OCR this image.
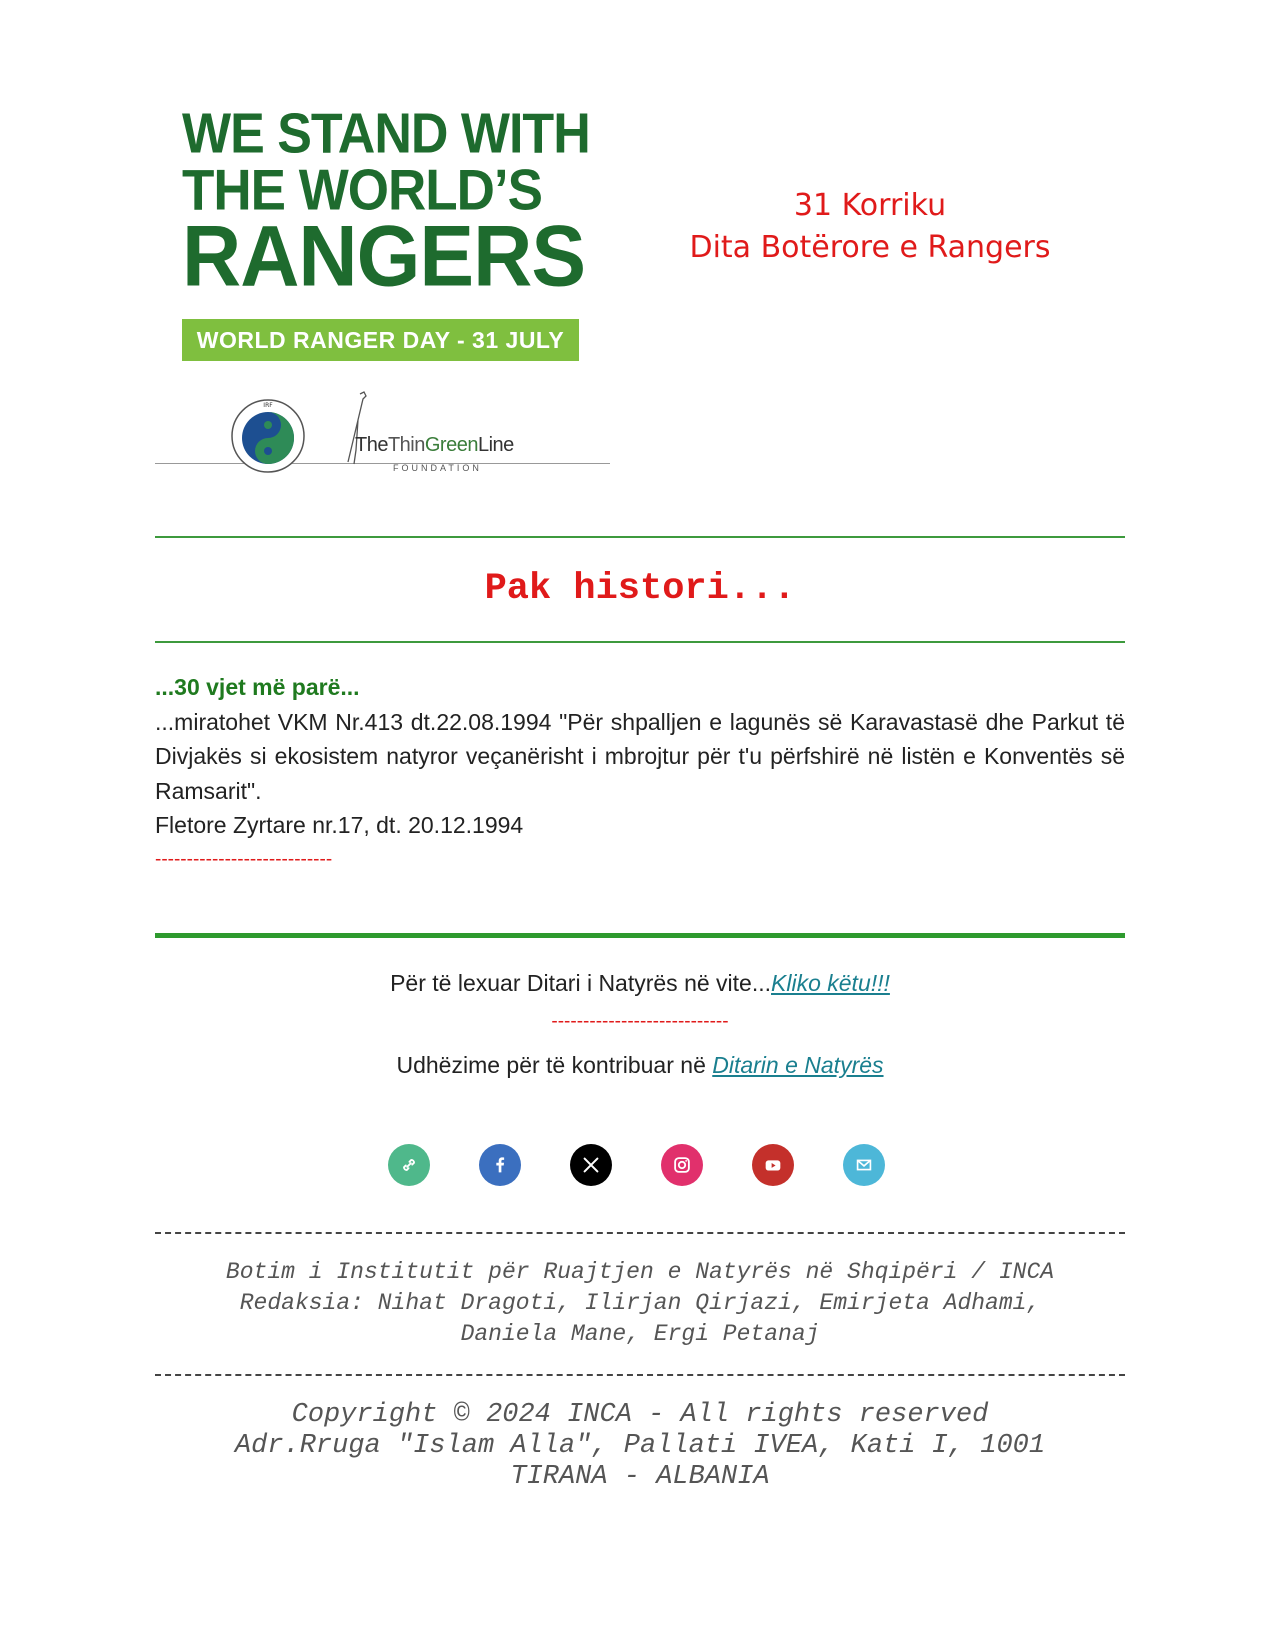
WE STAND WITH
THE WORLD’S
RANGERS
WORLD RANGER DAY - 31 JULY
IRF
TheThinGreenLine
FOUNDATION
31 Korriku
Dita Botërore e Rangers
Pak histori...
...30 vjet më parë...
...miratohet VKM Nr.413 dt.22.08.1994 "Për shpalljen e lagunës së Karavastasë dhe Parkut të Divjakës si ekosistem natyror veçanërisht i mbrojtur për t'u përfshirë në listën e Konventës së Ramsarit".
Fletore Zyrtare nr.17, dt. 20.12.1994
----------------------------
Për të lexuar Ditari i Natyrës në vite...Kliko këtu!!!
----------------------------
Udhëzime për të kontribuar në Ditarin e Natyrës
Botim i Institutit për Ruajtjen e Natyrës në Shqipëri / INCA
Redaksia: Nihat Dragoti, Ilirjan Qirjazi, Emirjeta Adhami,
Daniela Mane, Ergi Petanaj
Copyright © 2024 INCA - All rights reserved
Adr.Rruga "Islam Alla", Pallati IVEA, Kati I, 1001
TIRANA - ALBANIA
